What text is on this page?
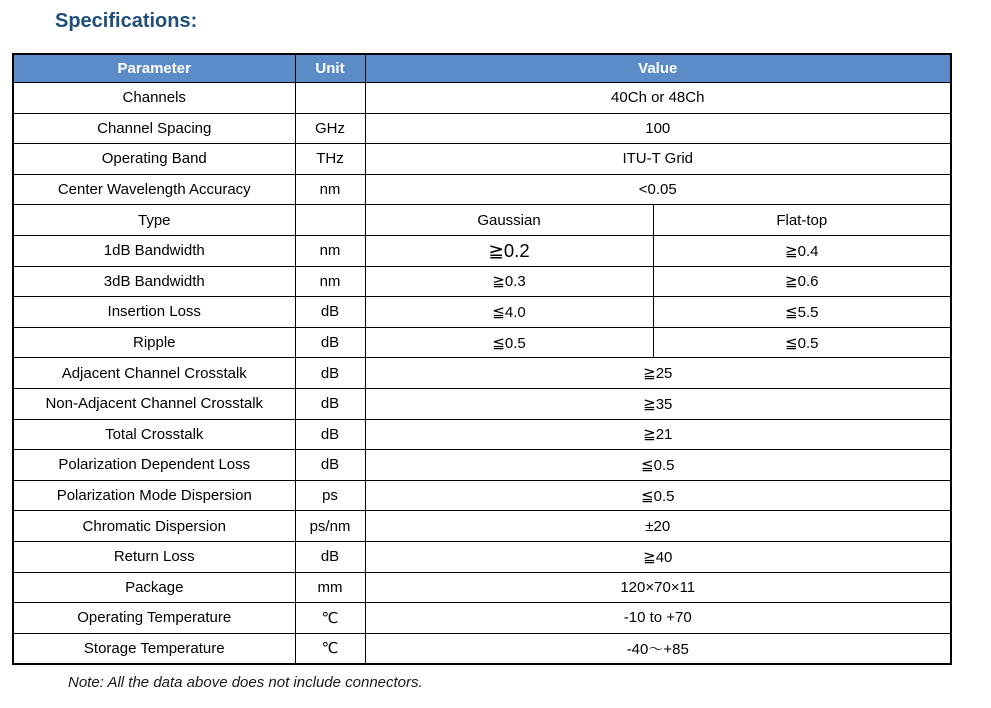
Specifications:
Parameter	Unit	Value	
Channels		40Ch or 48Ch	
Channel Spacing	GHz	100	
Operating Band	THz	ITU-T Grid	
Center Wavelength Accuracy	nm	<0.05	
Type		Gaussian	Flat-top
1dB Bandwidth	nm	≧0.2	≧0.4
3dB Bandwidth	nm	≧0.3	≧0.6
Insertion Loss	dB	≦4.0	≦5.5
Ripple	dB	≦0.5	≦0.5
Adjacent Channel Crosstalk	dB	≧25	
Non-Adjacent Channel Crosstalk	dB	≧35	
Total Crosstalk	dB	≧21	
Polarization Dependent Loss	dB	≦0.5	
Polarization Mode Dispersion	ps	≦0.5	
Chromatic Dispersion	ps/nm	±20	
Return Loss	dB	≧40	
Package	mm	120×70×11	
Operating Temperature	℃	-10 to +70	
Storage Temperature	℃	-40～+85	

Note: All the data above does not include connectors.
